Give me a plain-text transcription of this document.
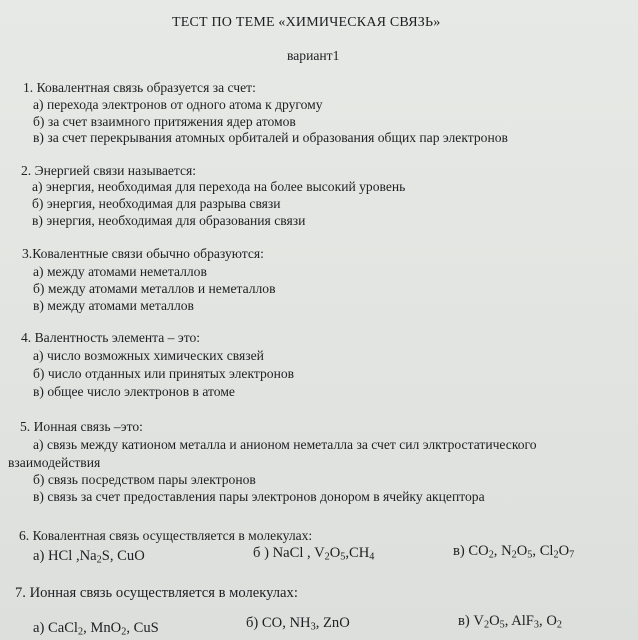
ТЕСТ ПО ТЕМЕ «ХИМИЧЕСКАЯ СВЯЗЬ»
вариант1
1. Ковалентная связь образуется за счет:
а) перехода электронов от одного атома к другому
б) за счет взаимного притяжения ядер атомов
в) за счет перекрывания атомных орбиталей и образования общих пар электронов
2. Энергией связи называется:
а) энергия, необходимая для перехода на более высокий уровень
б) энергия, необходимая для разрыва связи
в) энергия, необходимая для образования связи
3.Ковалентные связи обычно образуются:
а) между атомами неметаллов
б) между атомами металлов и неметаллов
в) между атомами металлов
4. Валентность элемента – это:
а) число возможных химических связей
б) число отданных или принятых электронов
в) общее число электронов в атоме
5. Ионная связь –это:
а) связь между катионом металла и анионом неметалла за счет сил элктростатического
взаимодействия
б) связь посредством пары электронов
в) связь за счет предоставления пары электронов донором в ячейку акцептора
6. Ковалентная связь осуществляется в молекулах:
а) HCl $,Na_2S$, CuO	б ) NaCl , $V_2O_5,CH_4$	в) $CO_2$, $N_2O_5$, $Cl_2O_7$
7. Ионная связь осуществляется в молекулах:
а) CaCl$_2$, MnO$_2$, CuS	б) CO, $NH_3$, ZnO	в) $V_2O_5$, AlF$_3$, $O_2$
